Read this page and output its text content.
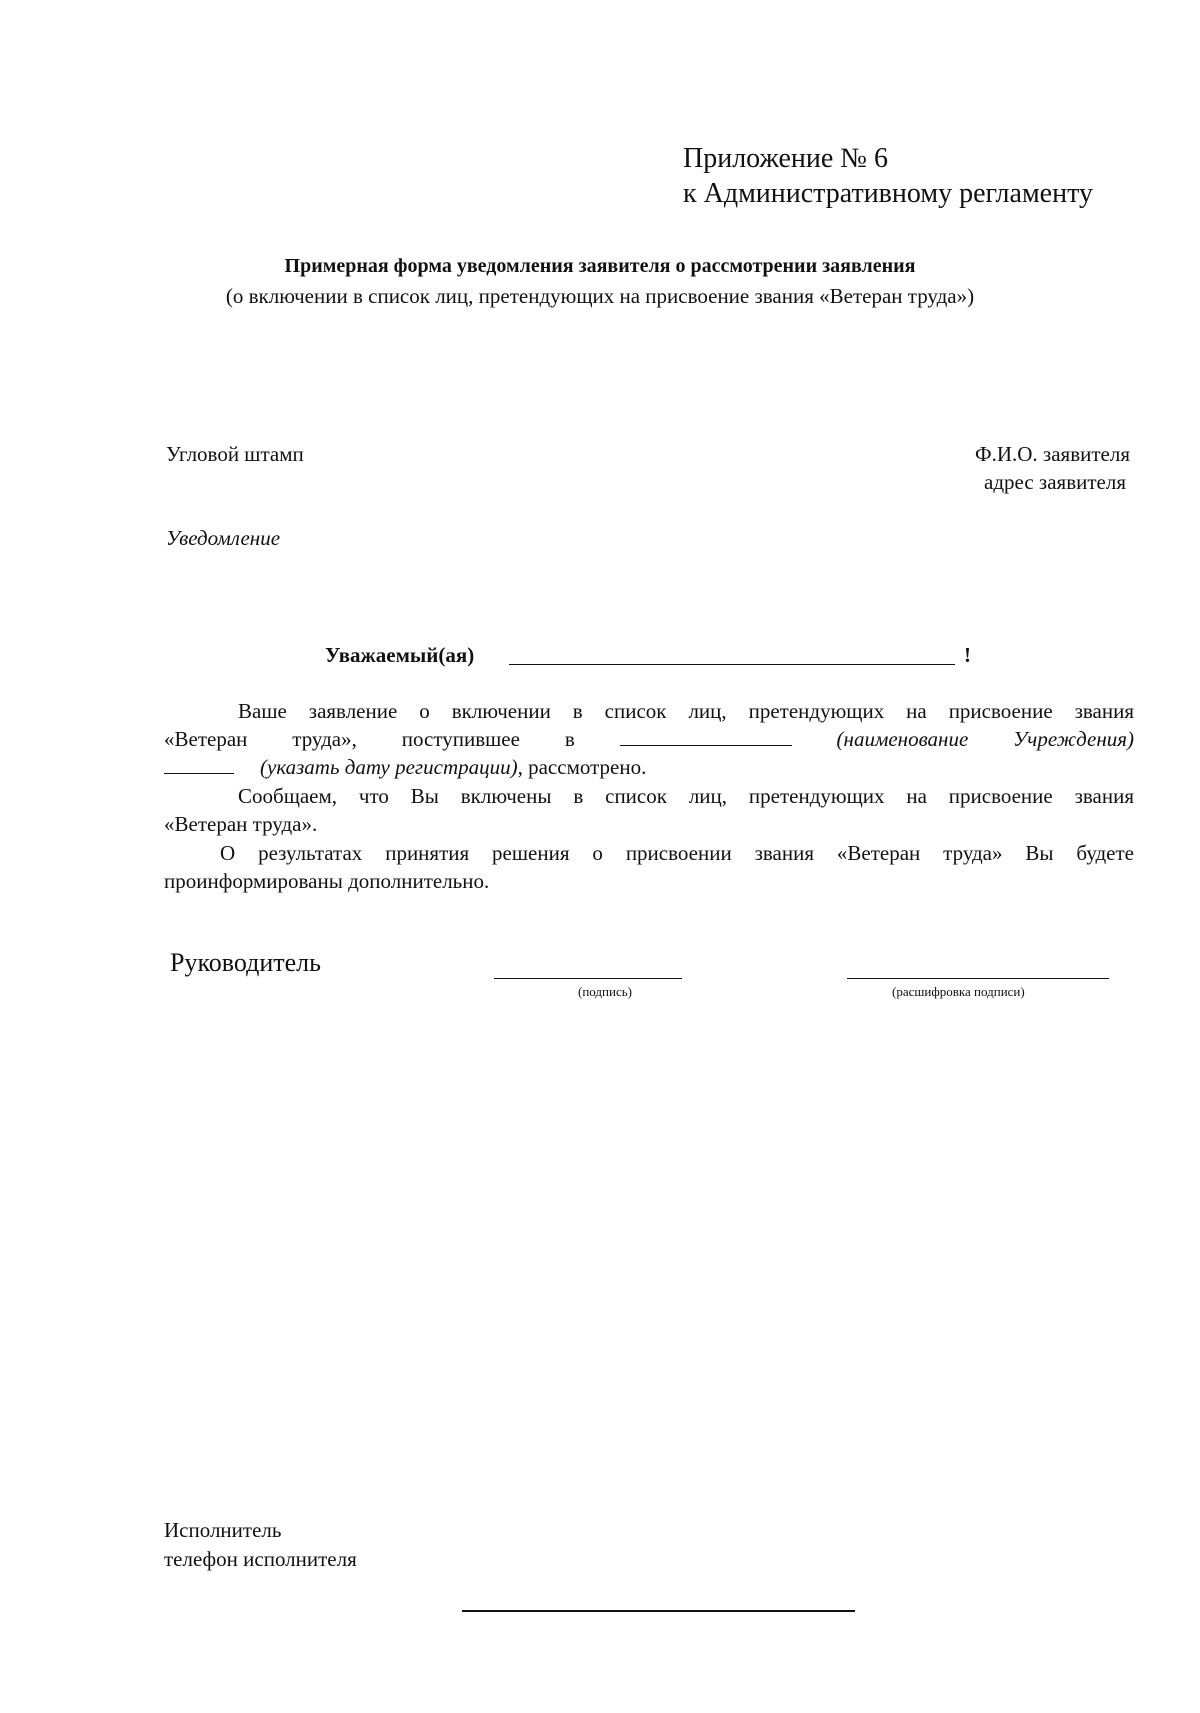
Приложение № 6
к Административному регламенту
Примерная форма уведомления заявителя о рассмотрении заявления
(о включении в список лиц, претендующих на присвоение звания «Ветеран труда»)
Угловой штамп	Ф.И.О. заявителя
адрес заявителя
Уведомление
Уважаемый(ая)	!
Ваше заявление о включении в список лиц, претендующих на присвоение звания
«Ветеран труда», поступившее в	(наименование Учреждения)
(указать дату регистрации), рассмотрено.
Сообщаем, что Вы включены в список лиц, претендующих на присвоение звания
«Ветеран труда».
О результатах принятия решения о присвоении звания «Ветеран труда» Вы будете
проинформированы дополнительно.
Руководитель
(подпись)	(расшифровка подписи)
Исполнитель
телефон исполнителя
